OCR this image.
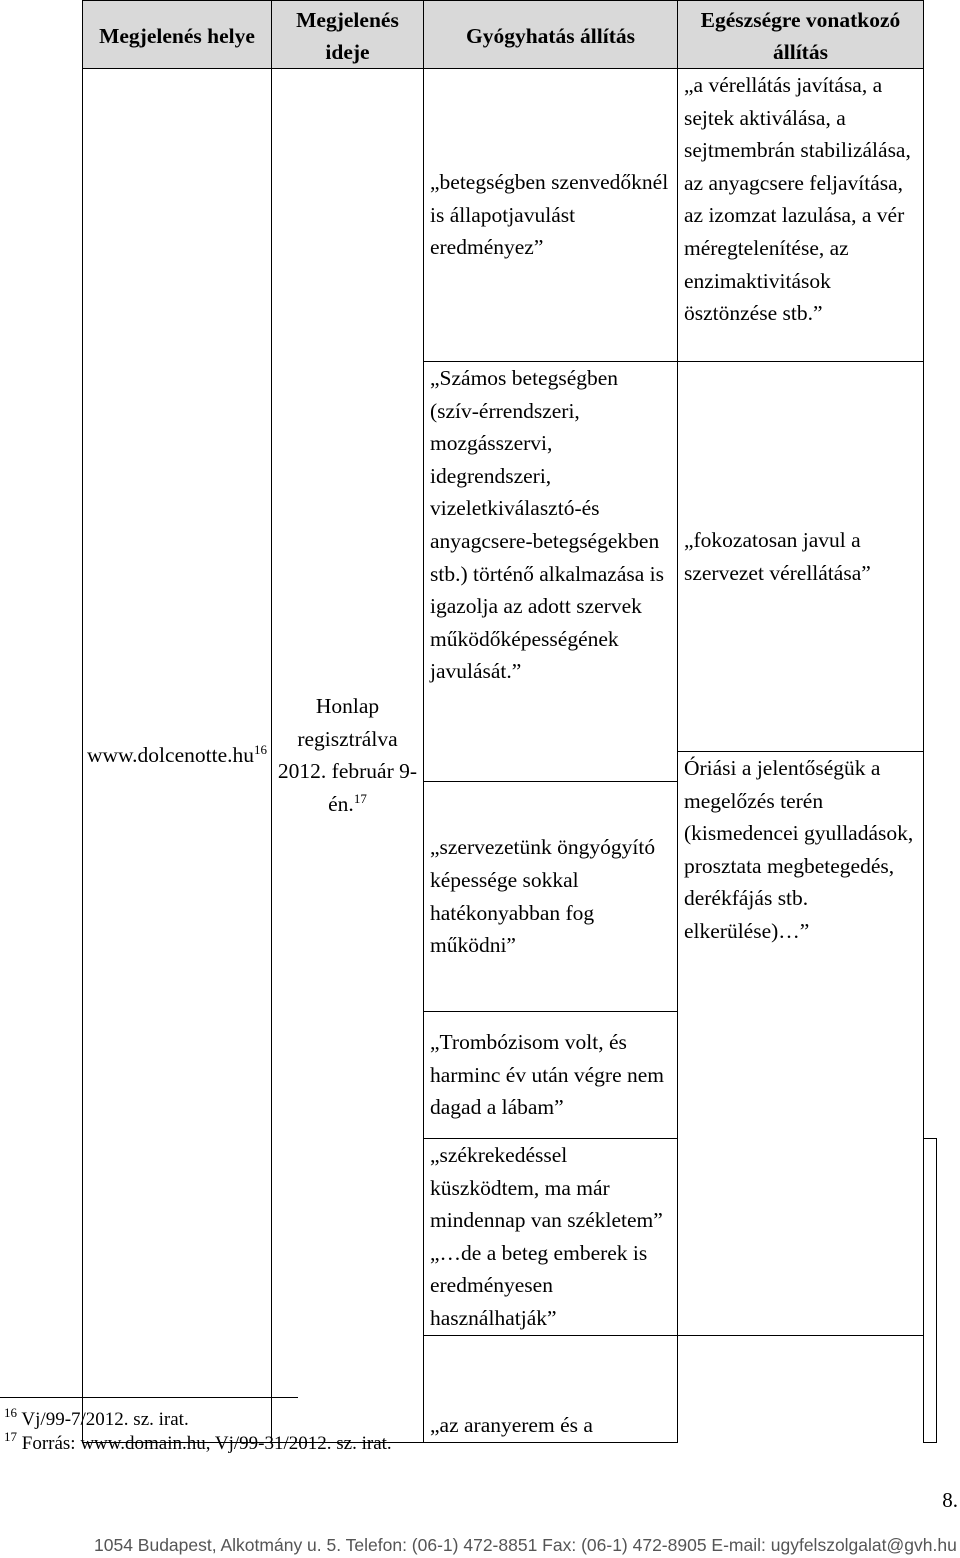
Megjelenés helye	Megjelenés ideje	Gyógyhatás állítás	Egészségre vonatkozó állítás	
$www.dolcenotte.hu^{16}$	Honlap regisztrálva 2012. február 9-én.$^{17}$	„betegségben szenvedőknél is állapotjavulást eredményez”	„a vérellátás javítása, a sejtek aktiválása, a sejtmembrán stabilizálása, az anyagcsere feljavítása, az izomzat lazulása, a vér méregtelenítése, az enzimaktivitások ösztönzése stb.”	
		„Számos betegségben (szív-érrendszeri, mozgásszervi, idegrendszeri, vizeletkiválasztó-és anyagcsere-betegségekben stb.) történő alkalmazása is igazolja az adott szervek működőképességének javulását.”	„fokozatosan javul a szervezet vérellátása”	
			Óriási a jelentőségük a megelőzés terén (kismedencei gyulladások, prosztata megbetegedés, derékfájás stb. elkerülése)…”	
		„szervezetünk öngyógyító képessége sokkal hatékonyabban fog működni”		
		„Trombózisom volt, és harminc év után végre nem dagad a lábam”		

		„székrekedéssel küszködtem, ma már mindennap van székletem”
„…de a beteg emberek is eredményesen használhatják”		

		„az aranyerem és a		
$^{16}$ Vj/99-7/2012. sz. irat.
$^{17}$ Forrás: www.domain.hu, Vj/99-31/2012. sz. irat.
8.
1054 Budapest, Alkotmány u. 5. Telefon: (06-1) 472-8851 Fax: (06-1) 472-8905 E-mail: ugyfelszolgalat@gvh.hu
